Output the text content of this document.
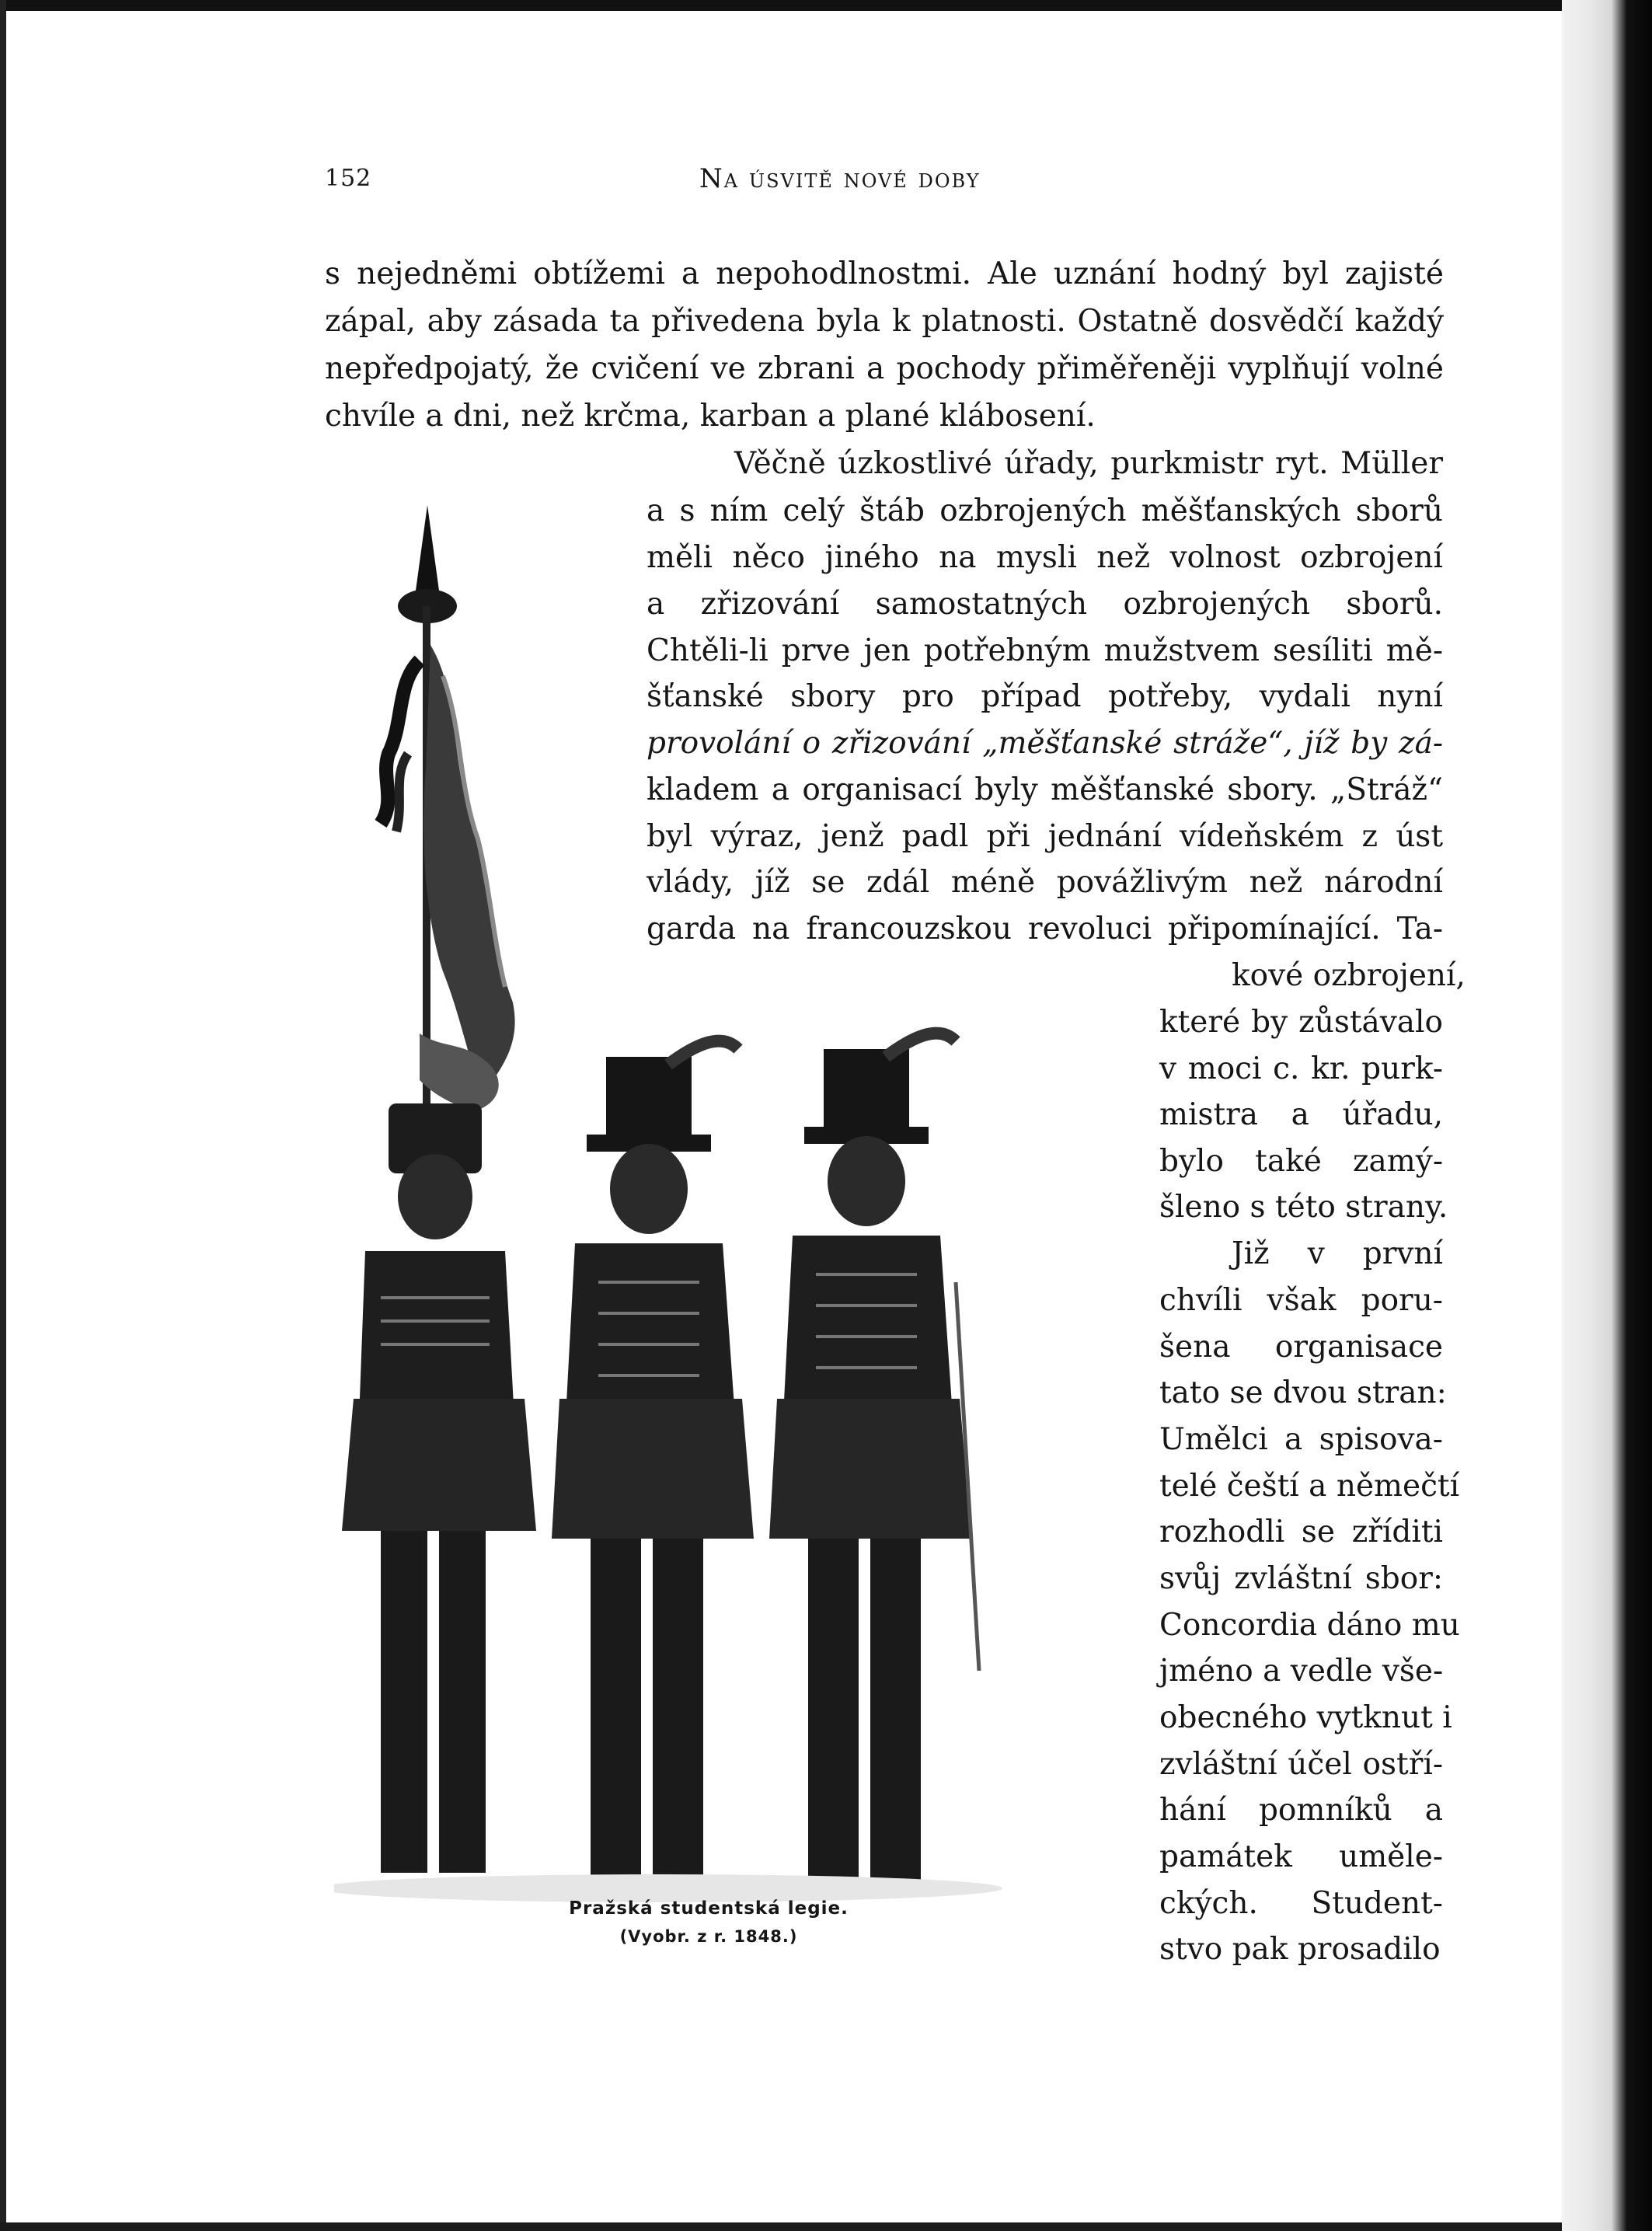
152	Na úsvitě nové doby
s nejedněmi obtížemi a nepohodlnostmi. Ale uznání hodný byl zajisté
zápal, aby zásada ta přivedena byla k platnosti. Ostatně dosvědčí každý
nepředpojatý, že cvičení ve zbrani a pochody přiměřeněji vyplňují volné
chvíle a dni, než krčma, karban a plané klábosení.
Věčně úzkostlivé úřady, purkmistr ryt. Müller
a s ním celý štáb ozbrojených měšťanských sborů
měli něco jiného na mysli než volnost ozbrojení
a zřizování samostatných ozbrojených sborů.
Chtěli-li prve jen potřebným mužstvem sesíliti mě-
šťanské sbory pro případ potřeby, vydali nyní
provolání o zřizování „měšťanské stráže“, jíž by zá-
kladem a organisací byly měšťanské sbory. „Stráž“
byl výraz, jenž padl při jednání vídeňském z úst
vlády, jíž se zdál méně povážlivým než národní
garda na francouzskou revoluci připomínající. Ta-
kové ozbrojení,
které by zůstávalo
v moci c. kr. purk-
mistra a úřadu,
bylo také zamý-
šleno s této strany.
Již v první
chvíli však poru-
šena organisace
tato se dvou stran:
Umělci a spisova-
telé čeští a němečtí
rozhodli se zříditi
svůj zvláštní sbor:
Concordia dáno mu
jméno a vedle vše-
obecného vytknut i
zvláštní účel ostří-
hání pomníků a
památek uměle-
ckých. Student-
stvo pak prosadilo
Pražská studentská legie.
(Vyobr. z r. 1848.)
